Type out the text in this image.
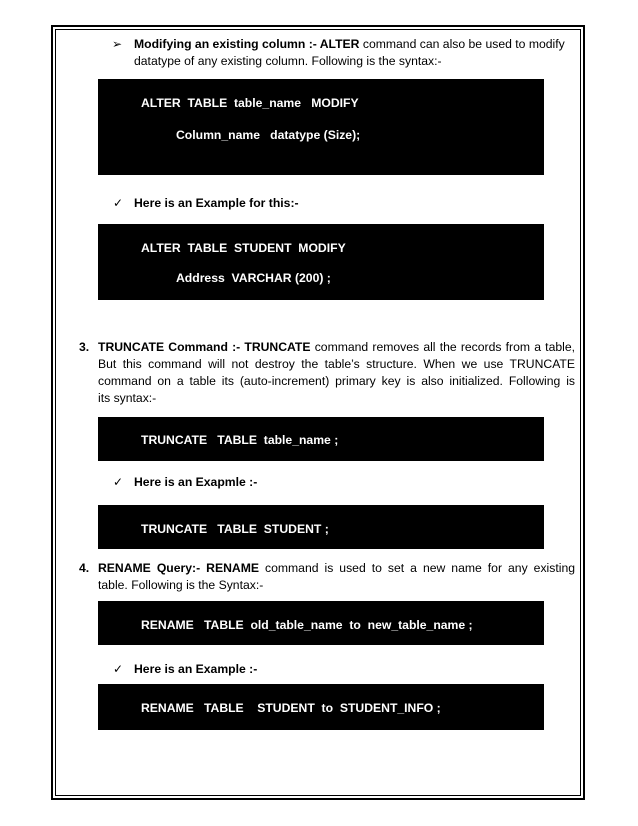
➢ Modifying an existing column :- ALTER command can also be used to modify
datatype of any existing column. Following is the syntax:-
ALTER  TABLE  table_name   MODIFY
Column_name   datatype (Size);
✓ Here is an Example for this:-
ALTER  TABLE  STUDENT  MODIFY
Address  VARCHAR (200) ;
3. TRUNCATE Command :- TRUNCATE command removes all the records from a table,
But this command will not destroy the table’s structure. When we use TRUNCATE
command on a table its (auto-increment) primary key is also initialized. Following is
its syntax:-
TRUNCATE   TABLE  table_name ;
✓ Here is an Exapmle :-
TRUNCATE   TABLE  STUDENT ;
4. RENAME Query:- RENAME command is used to set a new name for any existing
table. Following is the Syntax:-
RENAME   TABLE  old_table_name  to  new_table_name ;
✓ Here is an Example :-
RENAME   TABLE    STUDENT  to  STUDENT_INFO ;
